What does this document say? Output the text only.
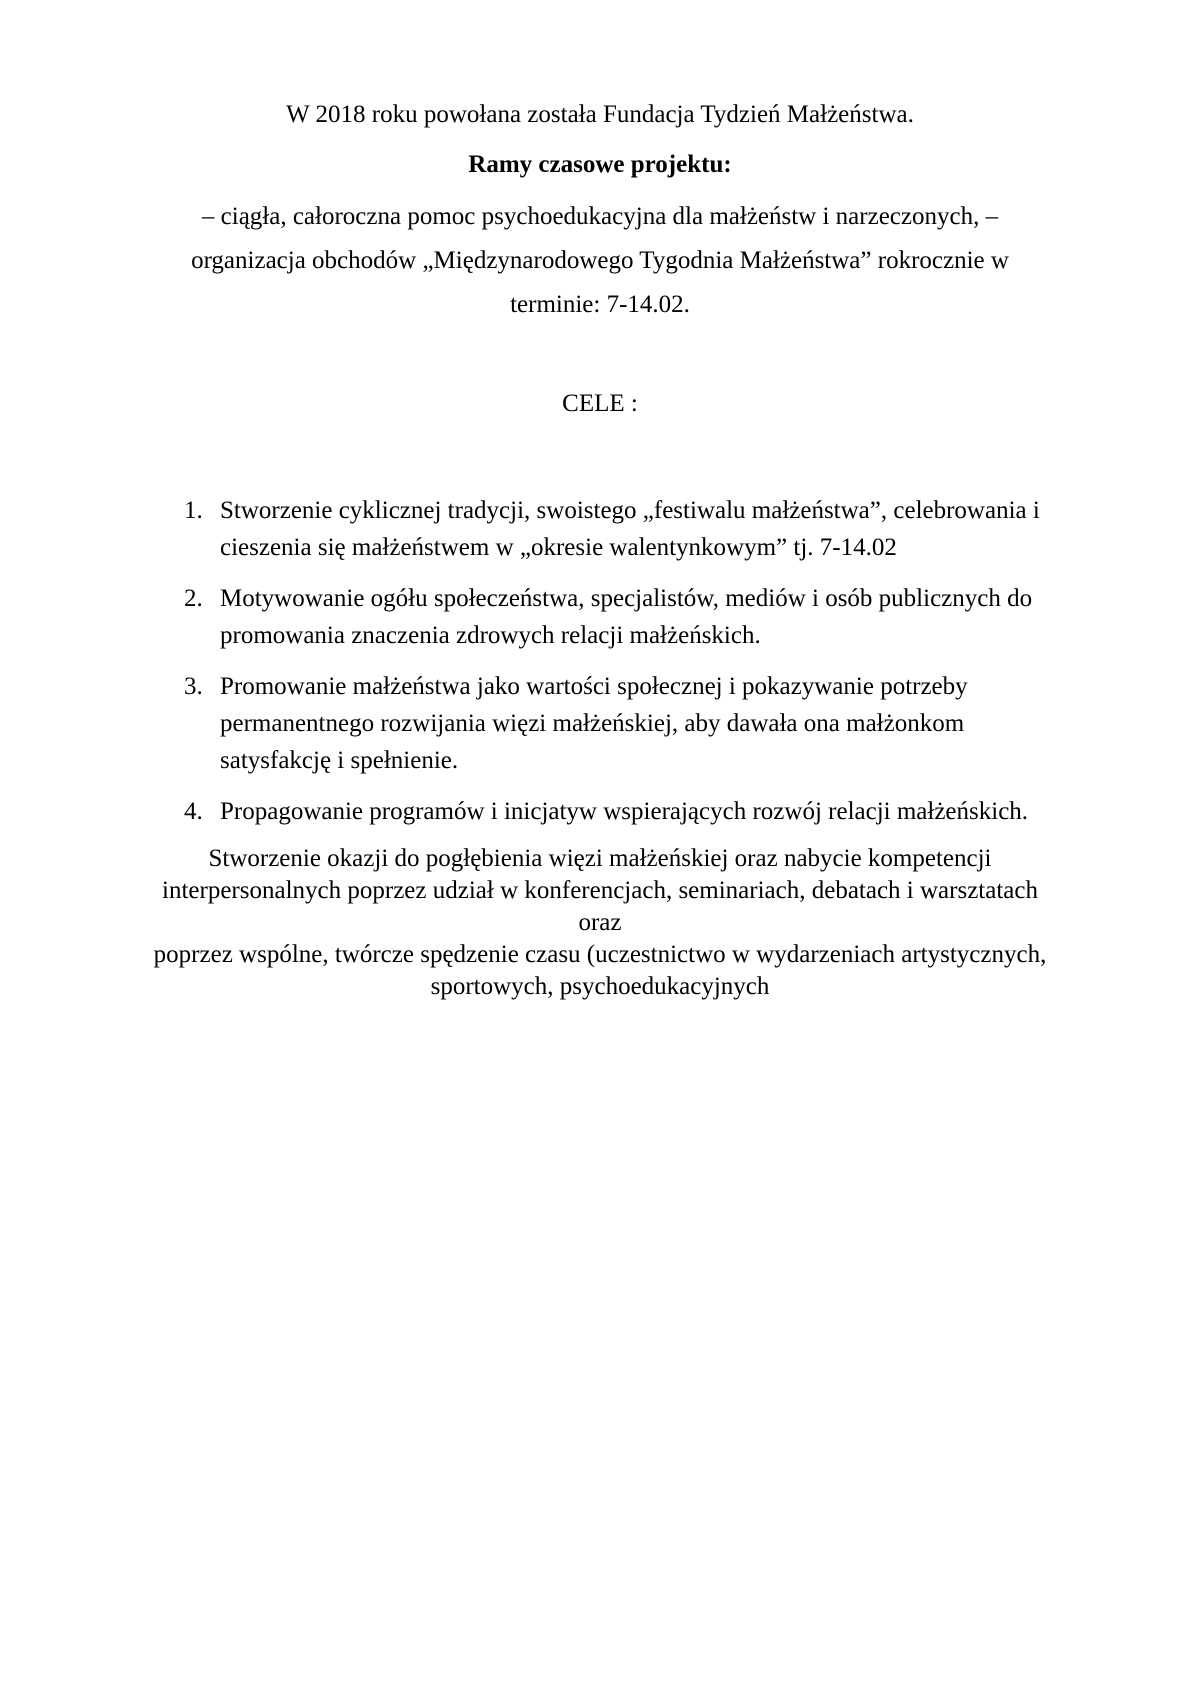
W 2018 roku powołana została Fundacja Tydzień Małżeństwa.
Ramy czasowe projektu:
– ciągła, całoroczna pomoc psychoedukacyjna dla małżeństw i narzeczonych, –
organizacja obchodów „Międzynarodowego Tygodnia Małżeństwa” rokrocznie w
terminie: 7-14.02.
CELE :
1. Stworzenie cyklicznej tradycji, swoistego „festiwalu małżeństwa”, celebrowania i
cieszenia się małżeństwem w „okresie walentynkowym” tj. 7-14.02
2. Motywowanie ogółu społeczeństwa, specjalistów, mediów i osób publicznych do
promowania znaczenia zdrowych relacji małżeńskich.
3. Promowanie małżeństwa jako wartości społecznej i pokazywanie potrzeby
permanentnego rozwijania więzi małżeńskiej, aby dawała ona małżonkom
satysfakcję i spełnienie.
4. Propagowanie programów i inicjatyw wspierających rozwój relacji małżeńskich.
Stworzenie okazji do pogłębienia więzi małżeńskiej oraz nabycie kompetencji
interpersonalnych poprzez udział w konferencjach, seminariach, debatach i warsztatach
oraz
poprzez wspólne, twórcze spędzenie czasu (uczestnictwo w wydarzeniach artystycznych,
sportowych, psychoedukacyjnych
